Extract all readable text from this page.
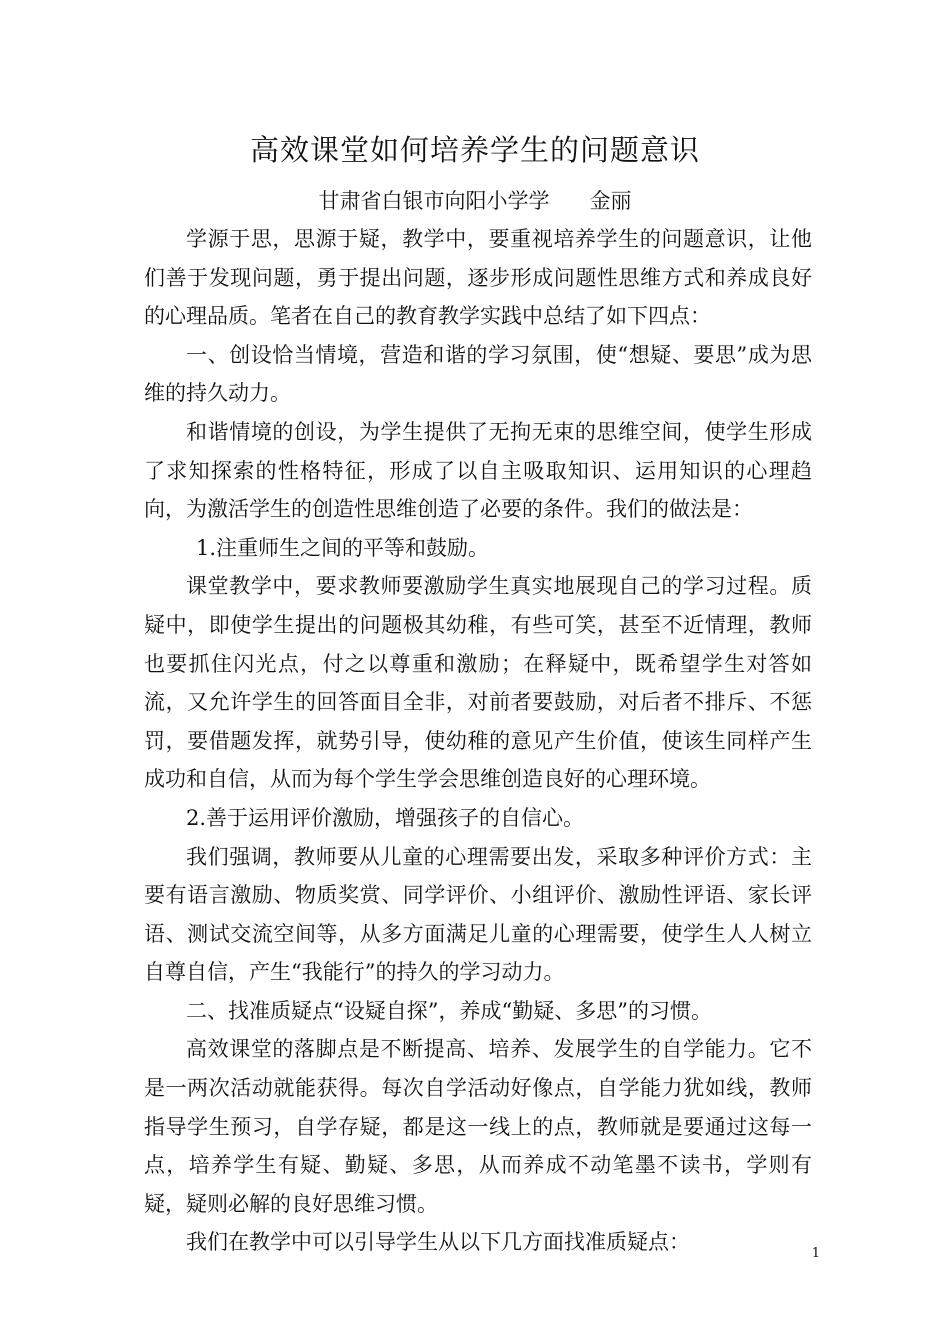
高效课堂如何培养学生的问题意识
甘肃省白银市向阳小学学      金丽

学源于思，思源于疑，教学中，要重视培养学生的问题意识，让他们善于发现问题，勇于提出问题，逐步形成问题性思维方式和养成良好的心理品质。笔者在自己的教育教学实践中总结了如下四点：

一、创设恰当情境，营造和谐的学习氛围，使“想疑、要思”成为思维的持久动力。

和谐情境的创设，为学生提供了无拘无束的思维空间，使学生形成了求知探索的性格特征，形成了以自主吸取知识、运用知识的心理趋向，为激活学生的创造性思维创造了必要的条件。我们的做法是：

1.注重师生之间的平等和鼓励。

课堂教学中，要求教师要激励学生真实地展现自己的学习过程。质疑中，即使学生提出的问题极其幼稚，有些可笑，甚至不近情理，教师也要抓住闪光点，付之以尊重和激励；在释疑中，既希望学生对答如流，又允许学生的回答面目全非，对前者要鼓励，对后者不排斥、不惩罚，要借题发挥，就势引导，使幼稚的意见产生价值，使该生同样产生成功和自信，从而为每个学生学会思维创造良好的心理环境。

2.善于运用评价激励，增强孩子的自信心。

我们强调，教师要从儿童的心理需要出发，采取多种评价方式：主要有语言激励、物质奖赏、同学评价、小组评价、激励性评语、家长评语、测试交流空间等，从多方面满足儿童的心理需要，使学生人人树立自尊自信，产生“我能行”的持久的学习动力。

二、找准质疑点“设疑自探”，养成“勤疑、多思”的习惯。

高效课堂的落脚点是不断提高、培养、发展学生的自学能力。它不是一两次活动就能获得。每次自学活动好像点，自学能力犹如线，教师指导学生预习，自学存疑，都是这一线上的点，教师就是要通过这每一点，培养学生有疑、勤疑、多思，从而养成不动笔墨不读书，学则有疑，疑则必解的良好思维习惯。

我们在教学中可以引导学生从以下几方面找准质疑点：	1
